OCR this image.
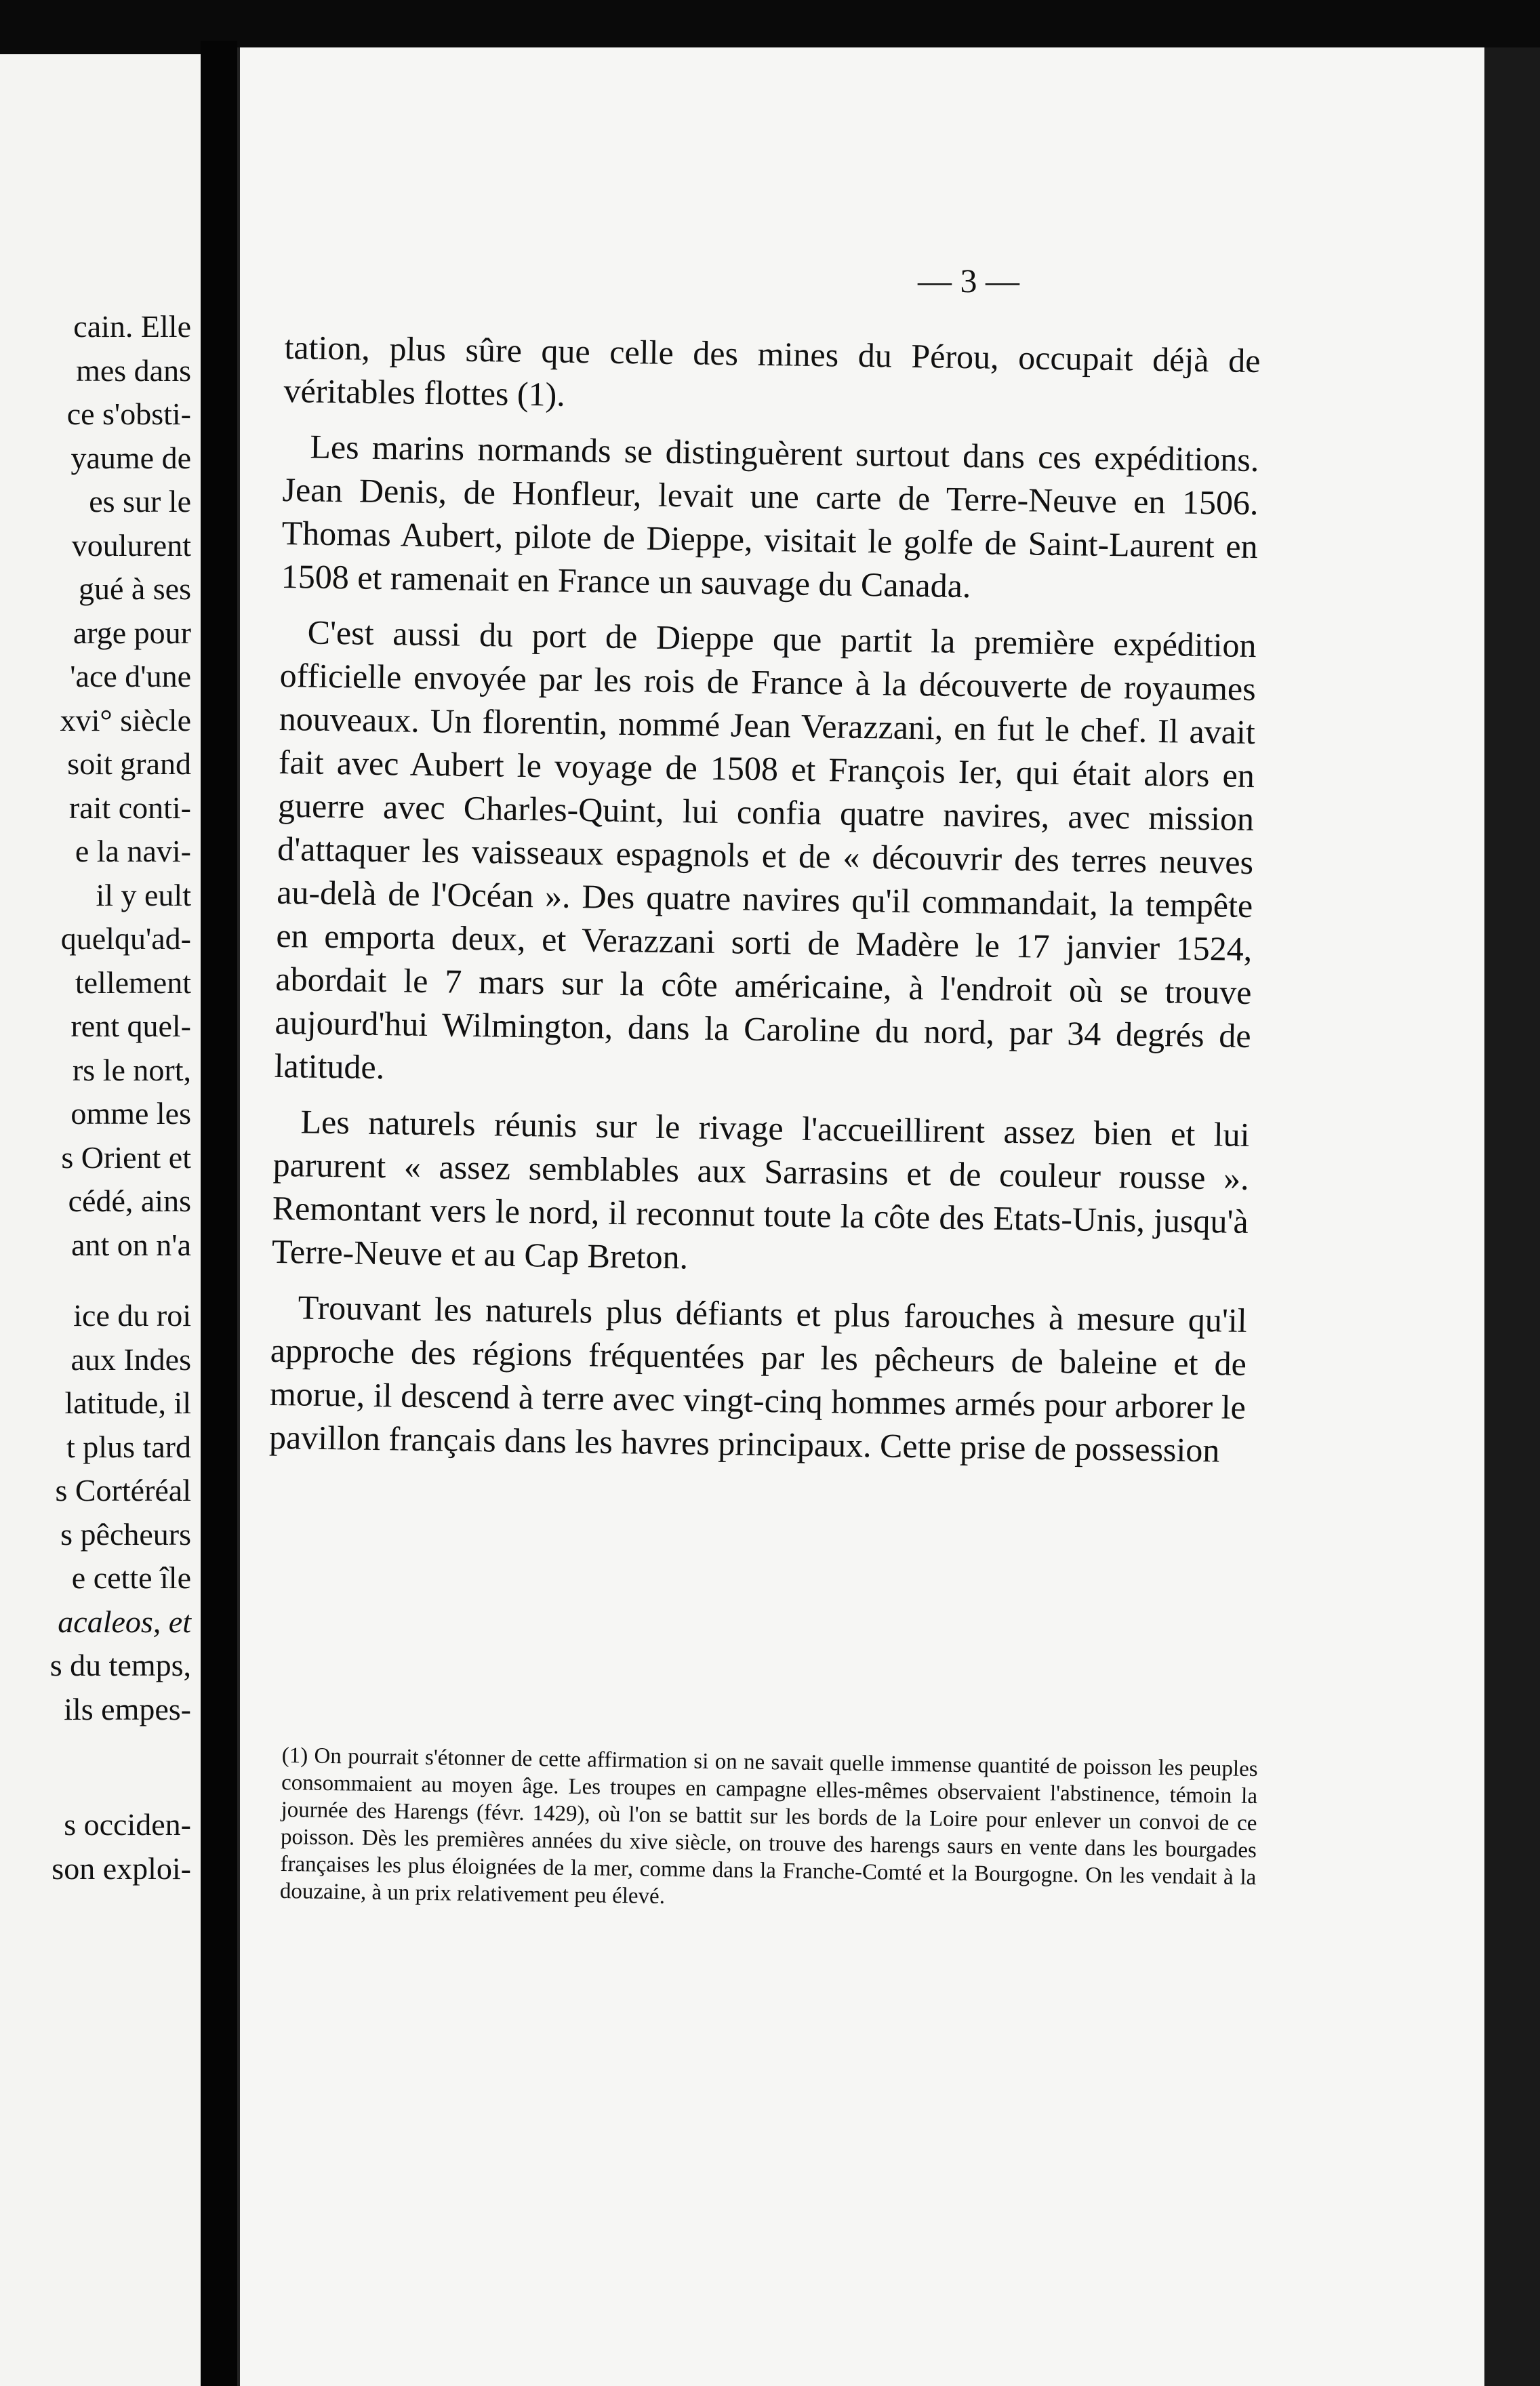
cain. Elle
mes dans
ce s'obsti-
yaume de
es sur le
voulurent
gué à ses
arge pour
'ace d'une
xvi° siècle
soit grand
rait conti-
e la navi-
il y eult
quelqu'ad-
tellement
rent quel-
rs le nort,
omme les
s Orient et
cédé, ains
ant on n'a
ice du roi
aux Indes
latitude, il
t plus tard
s Cortéréal
s pêcheurs
e cette île
acaleos, et
s du temps,
ils empes-
s occiden-
son exploi-
— 3 —

tation, plus sûre que celle des mines du Pérou, occupait déjà de véritables flottes (1).

Les marins normands se distinguèrent surtout dans ces expéditions. Jean Denis, de Honfleur, levait une carte de Terre-Neuve en 1506. Thomas Aubert, pilote de Dieppe, visitait le golfe de Saint-Laurent en 1508 et ramenait en France un sauvage du Canada.

C'est aussi du port de Dieppe que partit la première expédition officielle envoyée par les rois de France à la découverte de royaumes nouveaux. Un florentin, nommé Jean Verazzani, en fut le chef. Il avait fait avec Aubert le voyage de 1508 et François Ier, qui était alors en guerre avec Charles-Quint, lui confia quatre navires, avec mission d'attaquer les vaisseaux espagnols et de « découvrir des terres neuves au-delà de l'Océan ». Des quatre navires qu'il commandait, la tempête en emporta deux, et Verazzani sorti de Madère le 17 janvier 1524, abordait le 7 mars sur la côte américaine, à l'endroit où se trouve aujourd'hui Wilmington, dans la Caroline du nord, par 34 degrés de latitude.

Les naturels réunis sur le rivage l'accueillirent assez bien et lui parurent « assez semblables aux Sarrasins et de couleur rousse ». Remontant vers le nord, il reconnut toute la côte des Etats-Unis, jusqu'à Terre-Neuve et au Cap Breton.

Trouvant les naturels plus défiants et plus farouches à mesure qu'il approche des régions fréquentées par les pêcheurs de baleine et de morue, il descend à terre avec vingt-cinq hommes armés pour arborer le pavillon français dans les havres principaux. Cette prise de possession

(1) On pourrait s'étonner de cette affirmation si on ne savait quelle immense quantité de poisson les peuples consommaient au moyen âge. Les troupes en campagne elles-mêmes observaient l'abstinence, témoin la journée des Harengs (févr. 1429), où l'on se battit sur les bords de la Loire pour enlever un convoi de ce poisson. Dès les premières années du xive siècle, on trouve des harengs saurs en vente dans les bourgades françaises les plus éloignées de la mer, comme dans la Franche-Comté et la Bourgogne. On les vendait à la douzaine, à un prix relativement peu élevé.
